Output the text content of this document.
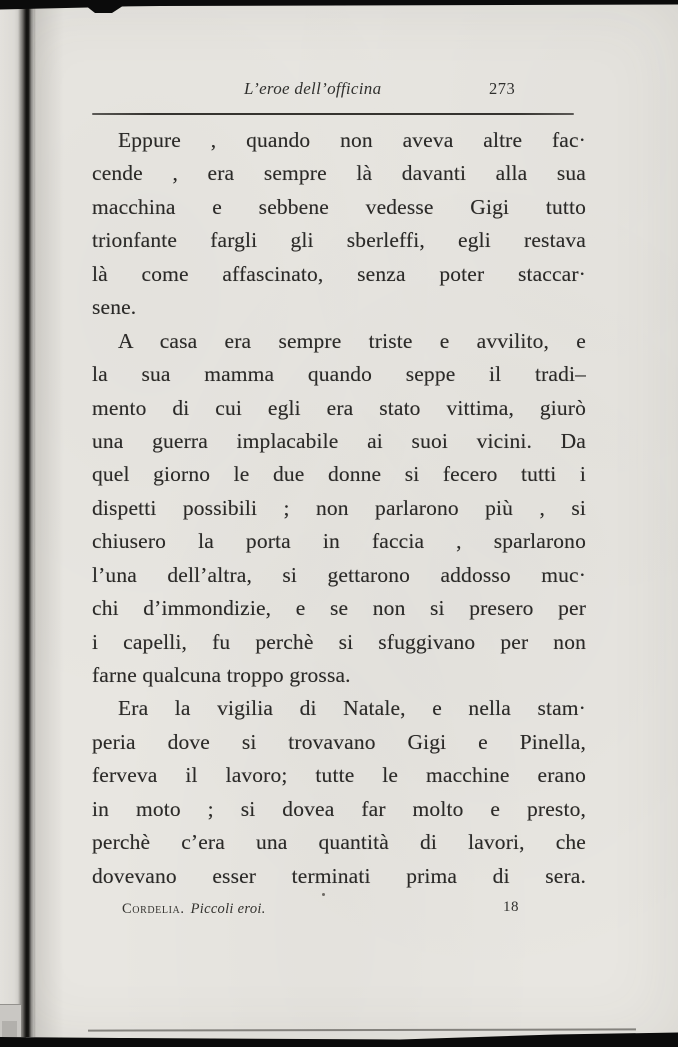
L’eroe dell’officina	273
Eppure , quando non aveva altre fac·
cende , era sempre là davanti alla sua
macchina e sebbene vedesse Gigi tutto
trionfante fargli gli sberleffi, egli restava
là come affascinato, senza poter staccar·
sene.
A casa era sempre triste e avvilito, e
la sua mamma quando seppe il tradi–
mento di cui egli era stato vittima, giurò
una guerra implacabile ai suoi vicini. Da
quel giorno le due donne si fecero tutti i
dispetti possibili ; non parlarono più , si
chiusero la porta in faccia , sparlarono
l’una dell’altra, si gettarono addosso muc·
chi d’immondizie, e se non si presero per
i capelli, fu perchè si sfuggivano per non
farne qualcuna troppo grossa.
Era la vigilia di Natale, e nella stam·
peria dove si trovavano Gigi e Pinella,
ferveva il lavoro; tutte le macchine erano
in moto ; si dovea far molto e presto,
perchè c’era una quantità di lavori, che
dovevano esser terminati prima di sera.
Cordelia. Piccoli eroi.	18
